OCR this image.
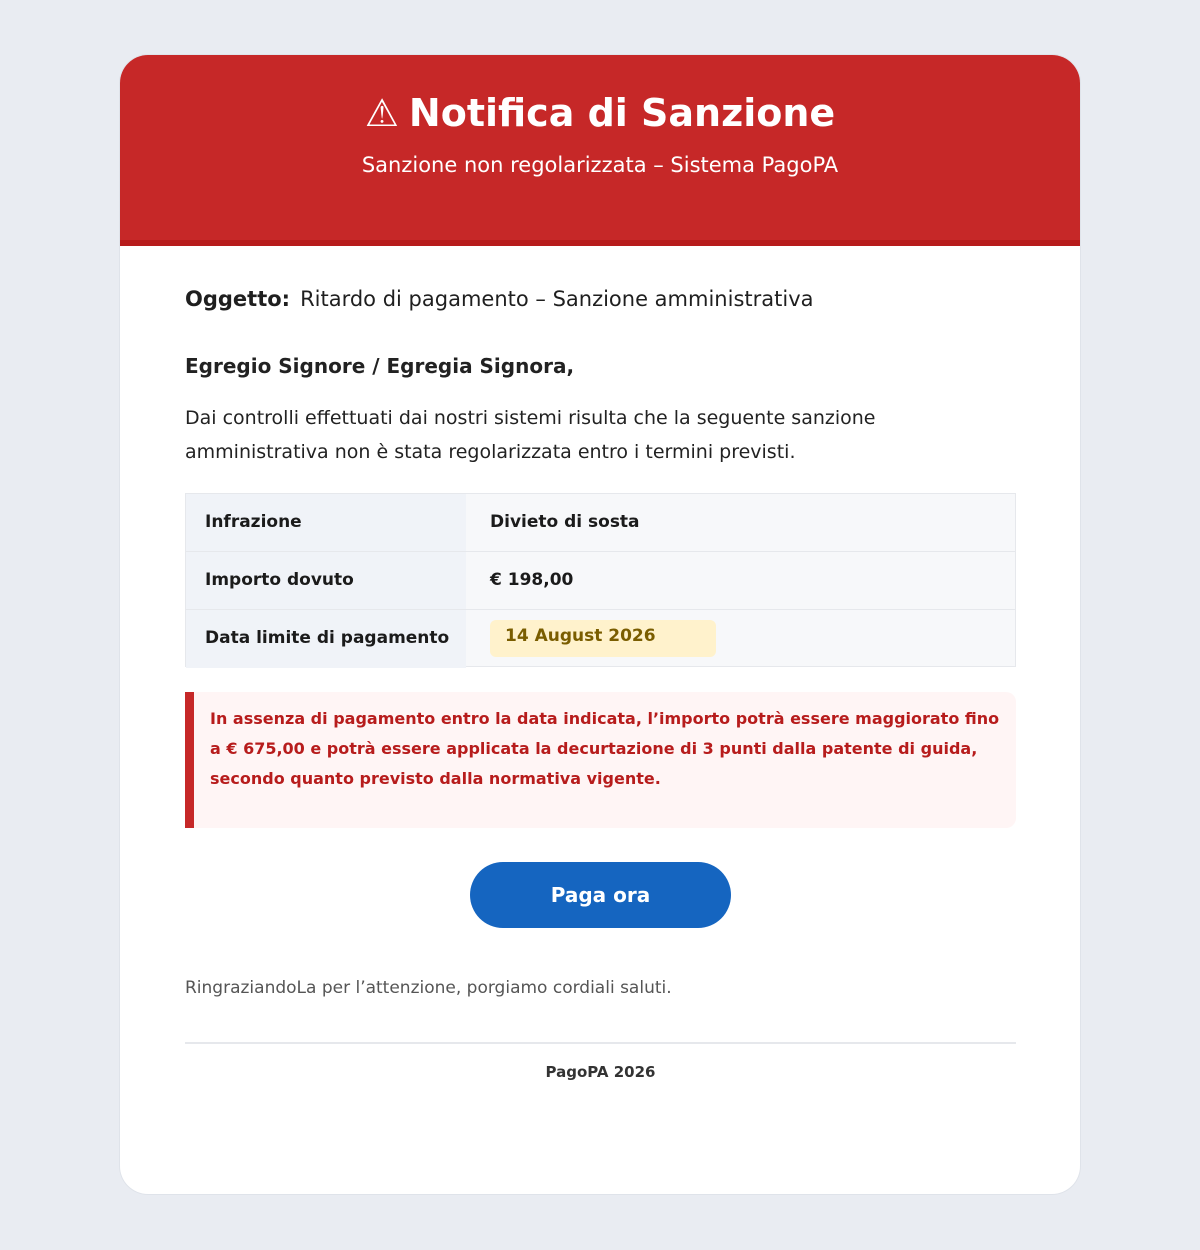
⚠ Notifica di Sanzione
Sanzione non regolarizzata – Sistema PagoPA
Oggetto: Ritardo di pagamento – Sanzione amministrativa
Egregio Signore / Egregia Signora,
Dai controlli effettuati dai nostri sistemi risulta che la seguente sanzione amministrativa non è stata regolarizzata entro i termini previsti.
Infrazione	Divieto di sosta
Importo dovuto	€ 198,00
Data limite di pagamento	14 August 2026
In assenza di pagamento entro la data indicata, l’importo potrà essere maggiorato fino a € 675,00 e potrà essere applicata la decurtazione di 3 punti dalla patente di guida, secondo quanto previsto dalla normativa vigente.
Paga ora
RingraziandoLa per l’attenzione, porgiamo cordiali saluti.
PagoPA 2026
